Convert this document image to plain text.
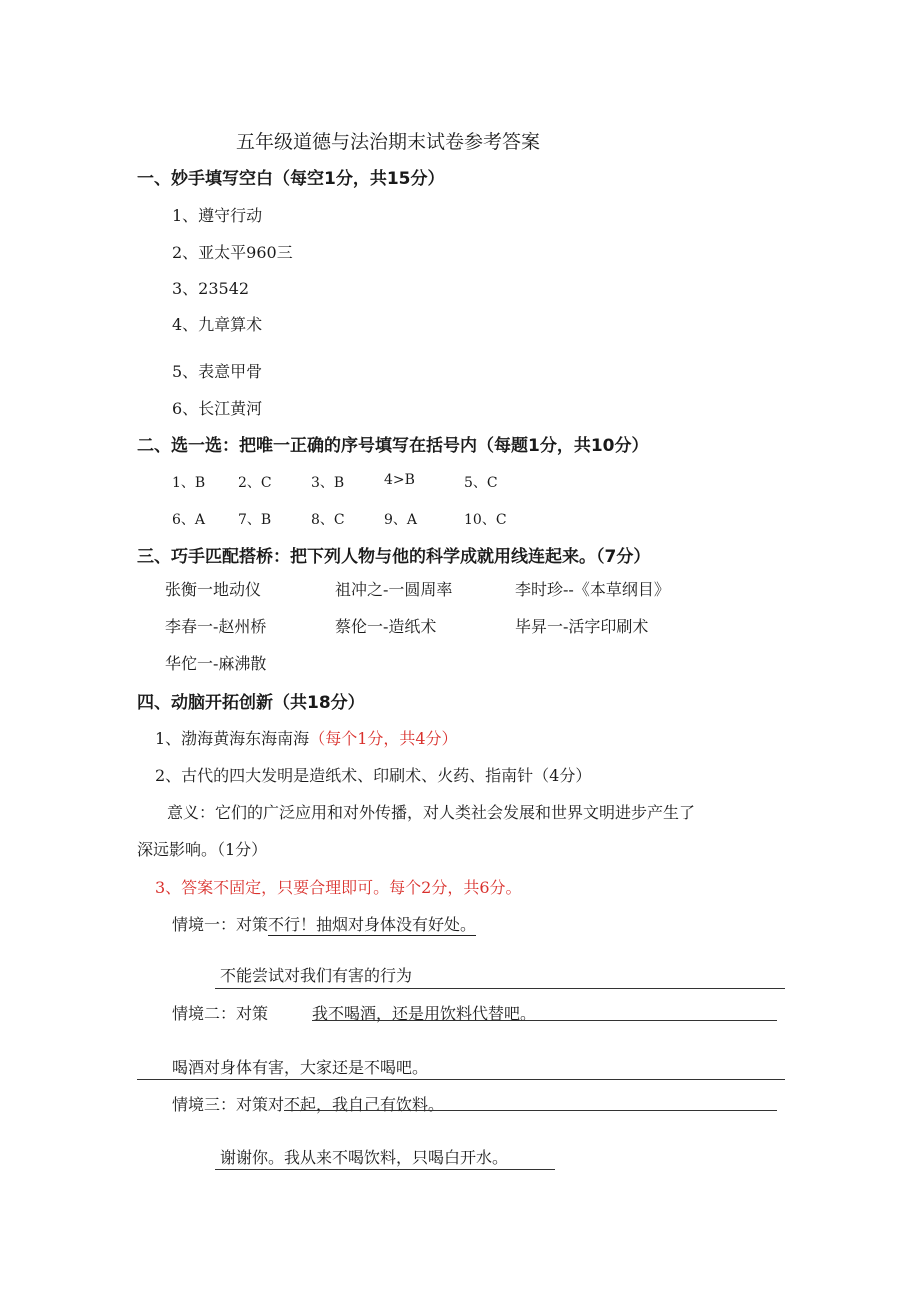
五年级道德与法治期末试卷参考答案
一、妙手填写空白（每空1分，共15分）
1、遵守行动
2、亚太平960三
3、23542
4、九章算术
5、表意甲骨
6、长江黄河
二、选一选：把唯一正确的序号填写在括号内（每题1分，共10分）
1、B 2、C	3、B	4>B	5、C
6、A 7、B	8、C	9、A	10、C
三、巧手匹配搭桥：把下列人物与他的科学成就用线连起来。（7分）
张衡一地动仪	祖冲之-一圆周率	李时珍--《本草纲目》
李春一-赵州桥	蔡伦一-造纸术	毕昇一-活字印刷术
华佗一-麻沸散
四、动脑开拓创新（共18分）
1、渤海黄海东海南海（每个1分，共4分）
2、古代的四大发明是造纸术、印刷术、火药、指南针（4分）
意义：它们的广泛应用和对外传播，对人类社会发展和世界文明进步产生了
深远影响。（1分）
3、答案不固定，只要合理即可。每个2分，共6分。
情境一：对策不行！抽烟对身体没有好处。
不能尝试对我们有害的行为
情境二：对策	我不喝酒，还是用饮料代替吧。
喝酒对身体有害，大家还是不喝吧。
情境三：对策对不起，我自己有饮料。
谢谢你。我从来不喝饮料，只喝白开水。
